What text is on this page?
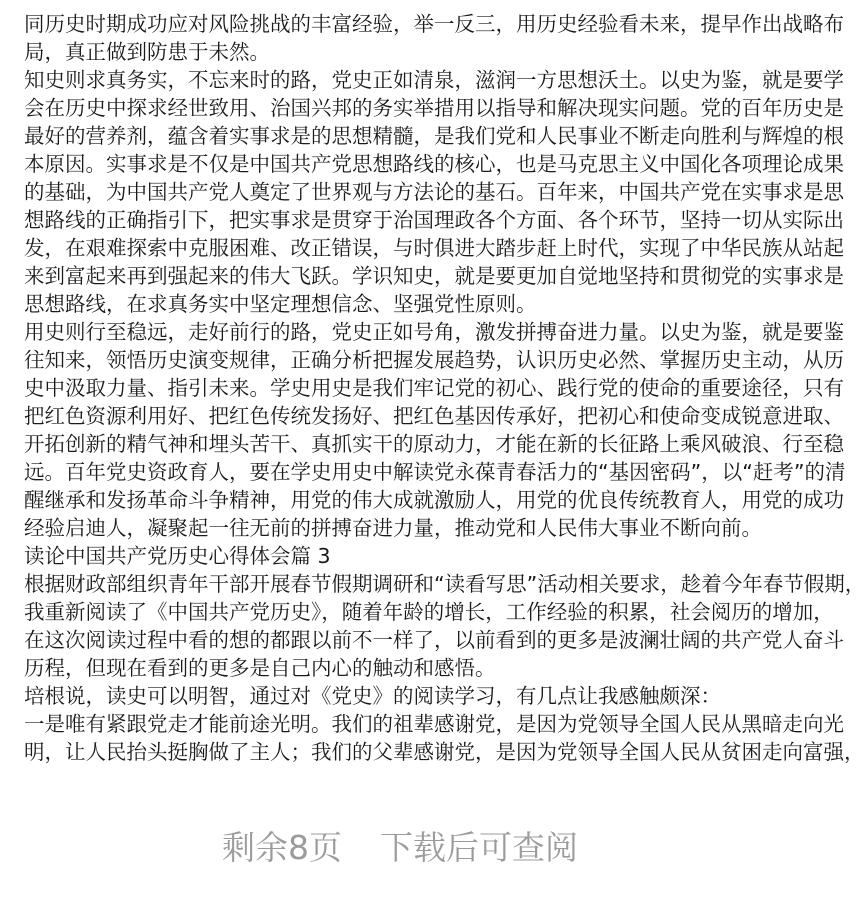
同历史时期成功应对风险挑战的丰富经验，举一反三，用历史经验看未来，提早作出战略布
局，真正做到防患于未然。
知史则求真务实，不忘来时的路，党史正如清泉，滋润一方思想沃土。以史为鉴，就是要学
会在历史中探求经世致用、治国兴邦的务实举措用以指导和解决现实问题。党的百年历史是
最好的营养剂，蕴含着实事求是的思想精髓，是我们党和人民事业不断走向胜利与辉煌的根
本原因。实事求是不仅是中国共产党思想路线的核心，也是马克思主义中国化各项理论成果
的基础，为中国共产党人奠定了世界观与方法论的基石。百年来，中国共产党在实事求是思
想路线的正确指引下，把实事求是贯穿于治国理政各个方面、各个环节，坚持一切从实际出
发，在艰难探索中克服困难、改正错误，与时俱进大踏步赶上时代，实现了中华民族从站起
来到富起来再到强起来的伟大飞跃。学识知史，就是要更加自觉地坚持和贯彻党的实事求是
思想路线，在求真务实中坚定理想信念、坚强党性原则。
用史则行至稳远，走好前行的路，党史正如号角，激发拼搏奋进力量。以史为鉴，就是要鉴
往知来，领悟历史演变规律，正确分析把握发展趋势，认识历史必然、掌握历史主动，从历
史中汲取力量、指引未来。学史用史是我们牢记党的初心、践行党的使命的重要途径，只有
把红色资源利用好、把红色传统发扬好、把红色基因传承好，把初心和使命变成锐意进取、
开拓创新的精气神和埋头苦干、真抓实干的原动力，才能在新的长征路上乘风破浪、行至稳
远。百年党史资政育人，要在学史用史中解读党永葆青春活力的“基因密码”，以“赶考”的清
醒继承和发扬革命斗争精神，用党的伟大成就激励人，用党的优良传统教育人，用党的成功
经验启迪人，凝聚起一往无前的拼搏奋进力量，推动党和人民伟大事业不断向前。
读论中国共产党历史心得体会篇 3
根据财政部组织青年干部开展春节假期调研和“读看写思”活动相关要求，趁着今年春节假期，
我重新阅读了《中国共产党历史》，随着年龄的增长，工作经验的积累，社会阅历的增加，
在这次阅读过程中看的想的都跟以前不一样了，以前看到的更多是波澜壮阔的共产党人奋斗
历程，但现在看到的更多是自己内心的触动和感悟。
培根说，读史可以明智，通过对《党史》的阅读学习，有几点让我感触颇深：
一是唯有紧跟党走才能前途光明。我们的祖辈感谢党，是因为党领导全国人民从黑暗走向光
明，让人民抬头挺胸做了主人；我们的父辈感谢党，是因为党领导全国人民从贫困走向富强，
剩余8页 下载后可查阅
